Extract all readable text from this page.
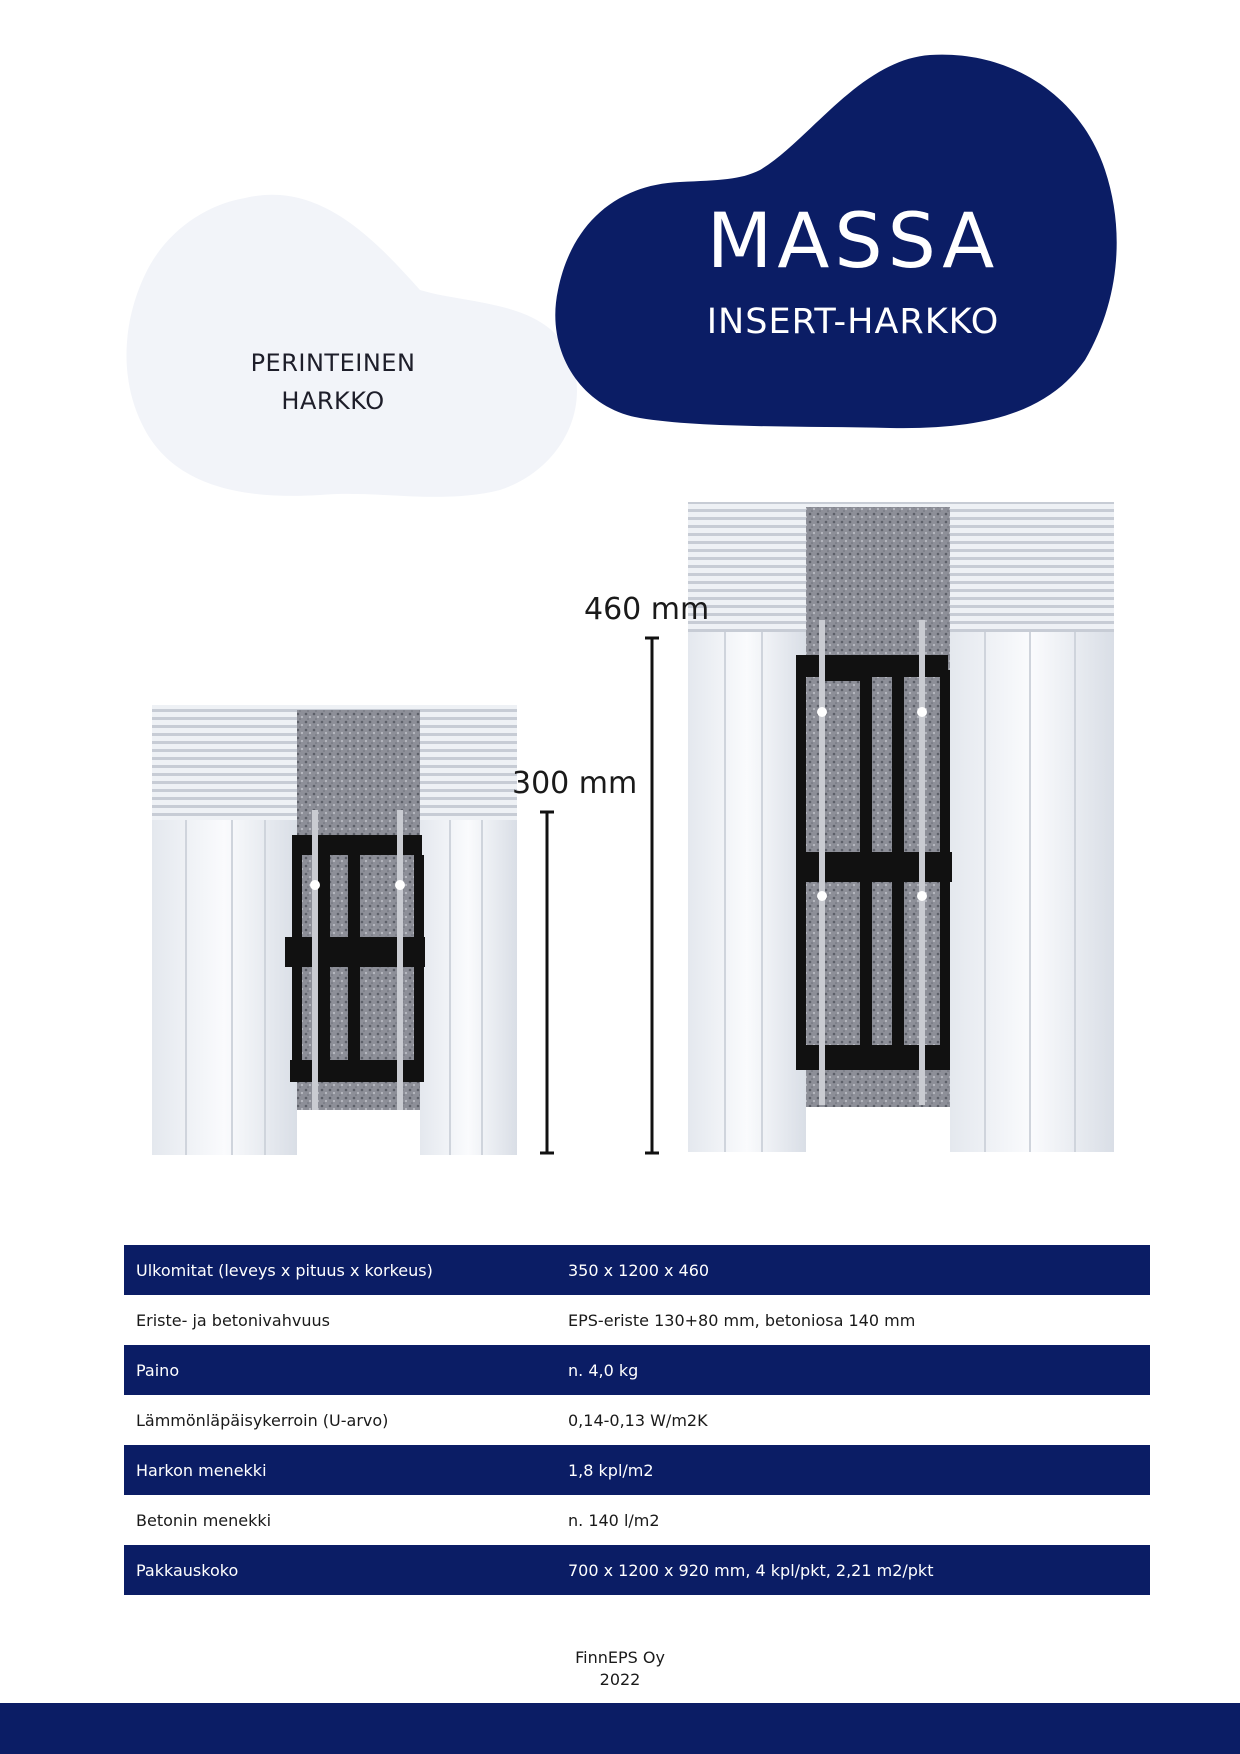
PERINTEINEN
HARKKO
MASSA
INSERT-HARKKO
300 mm
460 mm
Ulkomitat (leveys x pituus x korkeus)	350 x 1200 x 460
Eriste- ja betonivahvuus	EPS-eriste 130+80 mm, betoniosa 140 mm
Paino	n. 4,0 kg
Lämmönläpäisykerroin (U-arvo)	0,14-0,13 W/m2K
Harkon menekki	1,8 kpl/m2
Betonin menekki	n. 140 l/m2
Pakkauskoko	700 x 1200 x 920 mm, 4 kpl/pkt, 2,21 m2/pkt
FinnEPS Oy
2022
